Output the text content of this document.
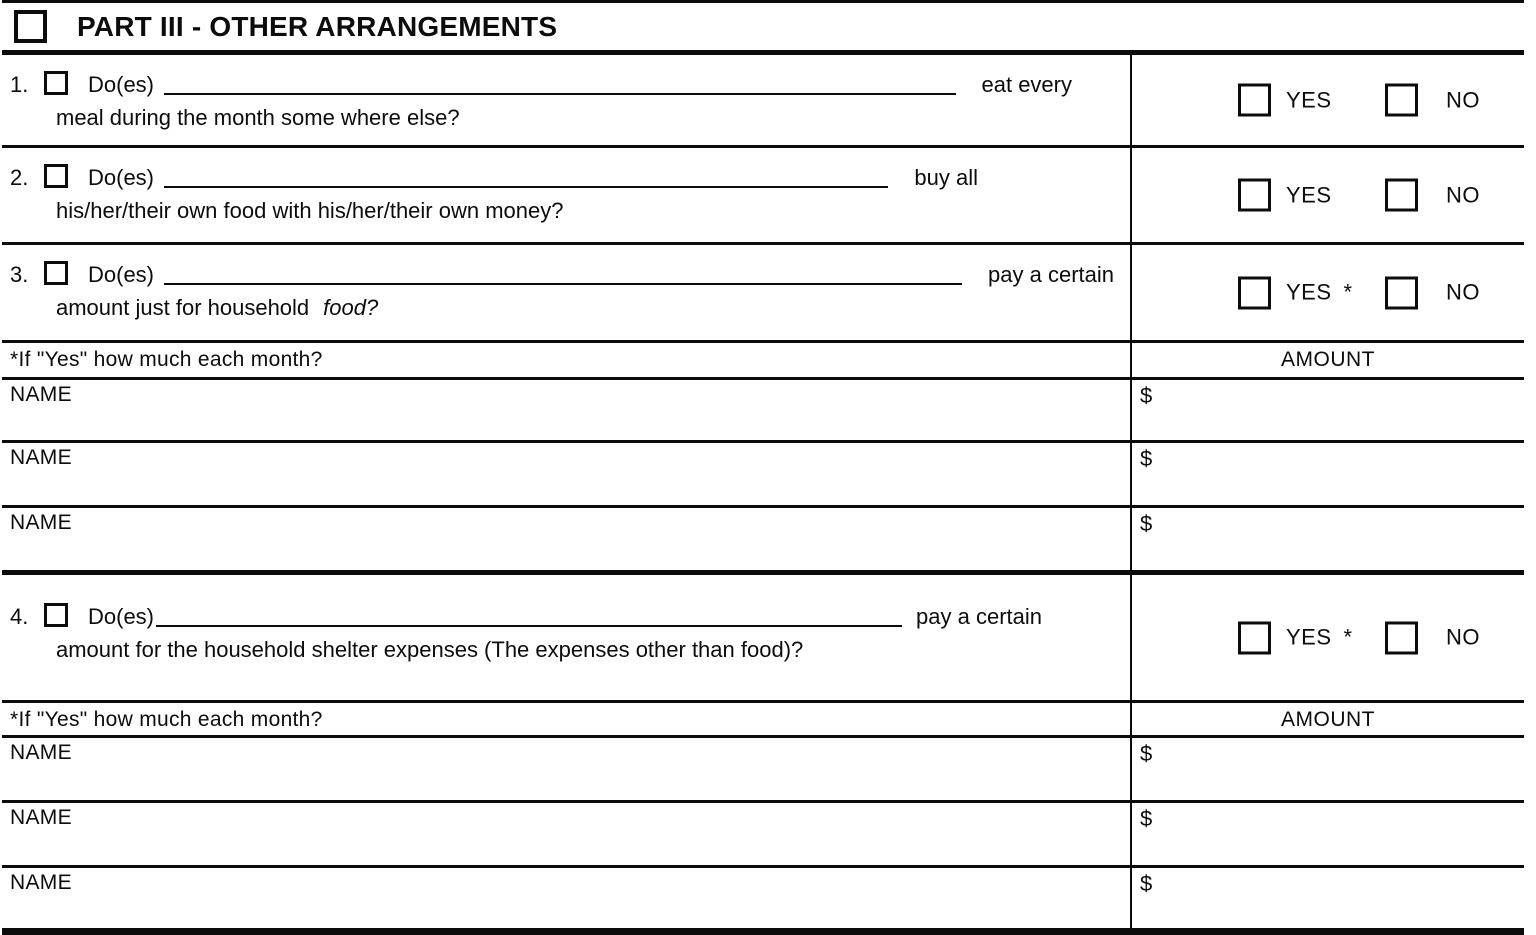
PART III - OTHER ARRANGEMENTS
1.	Do(es)	eat every
meal during the month some where else?
YES	NO
2.	Do(es)	buy all
his/her/their own food with his/her/their own money?
YES	NO
3.	Do(es)	pay a certain
amount just for household food?
YES *	NO
*If "Yes" how much each month?	AMOUNT
NAME	$
NAME	$
NAME	$
4.	Do(es)	pay a certain
amount for the household shelter expenses (The expenses other than food)?	YES *	NO
*If "Yes" how much each month?	AMOUNT
NAME	$
NAME	$
NAME	$
